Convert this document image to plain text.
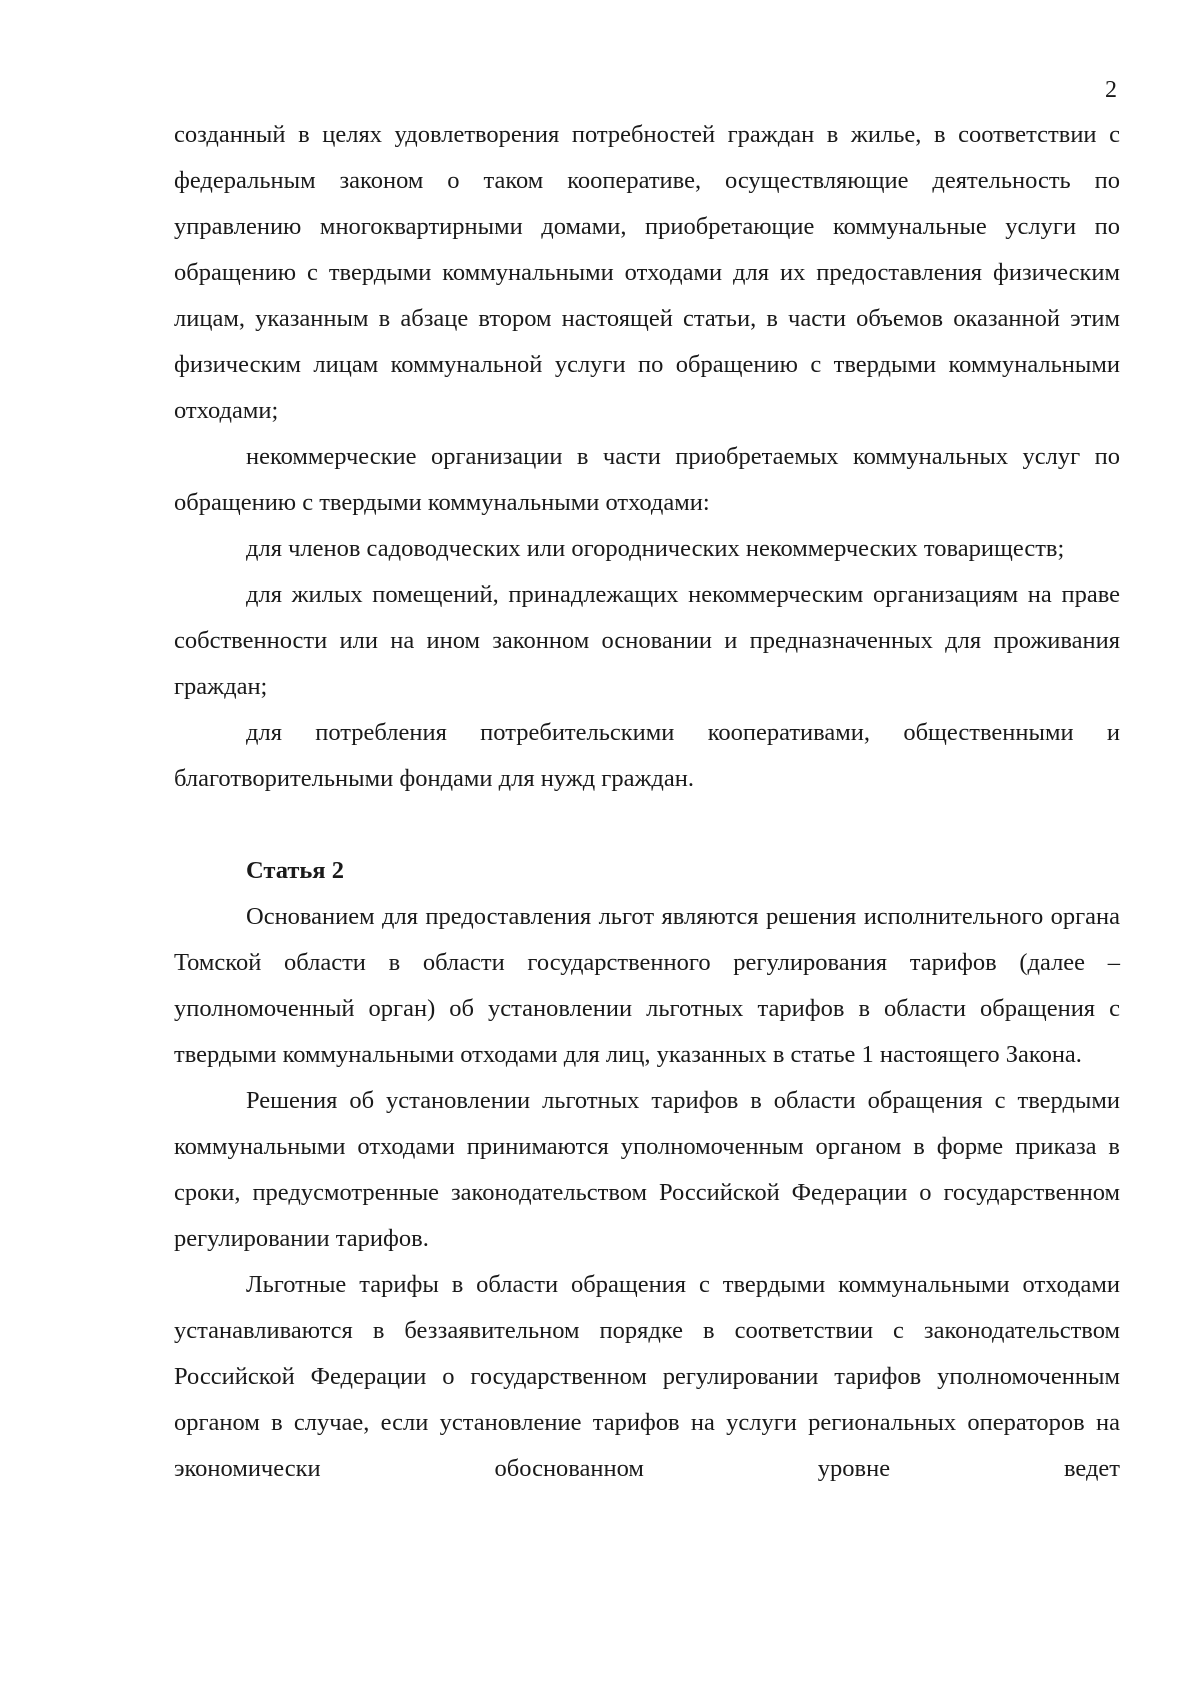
2

созданный в целях удовлетворения потребностей граждан в жилье, в соответствии с федеральным законом о таком кооперативе, осуществляющие деятельность по управлению многоквартирными домами, приобретающие коммунальные услуги по обращению с твердыми коммунальными отходами для их предоставления физическим лицам, указанным в абзаце втором настоящей статьи, в части объемов оказанной этим физическим лицам коммунальной услуги по обращению с твердыми коммунальными отходами;

некоммерческие организации в части приобретаемых коммунальных услуг по обращению с твердыми коммунальными отходами:

для членов садоводческих или огороднических некоммерческих товариществ;

для жилых помещений, принадлежащих некоммерческим организациям на праве собственности или на ином законном основании и предназначенных для проживания граждан;

для потребления потребительскими кооперативами, общественными и благотворительными фондами для нужд граждан.

Статья 2

Основанием для предоставления льгот являются решения исполнительного органа Томской области в области государственного регулирования тарифов (далее – уполномоченный орган) об установлении льготных тарифов в области обращения с твердыми коммунальными отходами для лиц, указанных в статье 1 настоящего Закона.

Решения об установлении льготных тарифов в области обращения с твердыми коммунальными отходами принимаются уполномоченным органом в форме приказа в сроки, предусмотренные законодательством Российской Федерации о государственном регулировании тарифов.

Льготные тарифы в области обращения с твердыми коммунальными отходами устанавливаются в беззаявительном порядке в соответствии с законодательством Российской Федерации о государственном регулировании тарифов уполномоченным органом в случае, если установление тарифов на услуги региональных операторов на экономически обоснованном уровне ведет
